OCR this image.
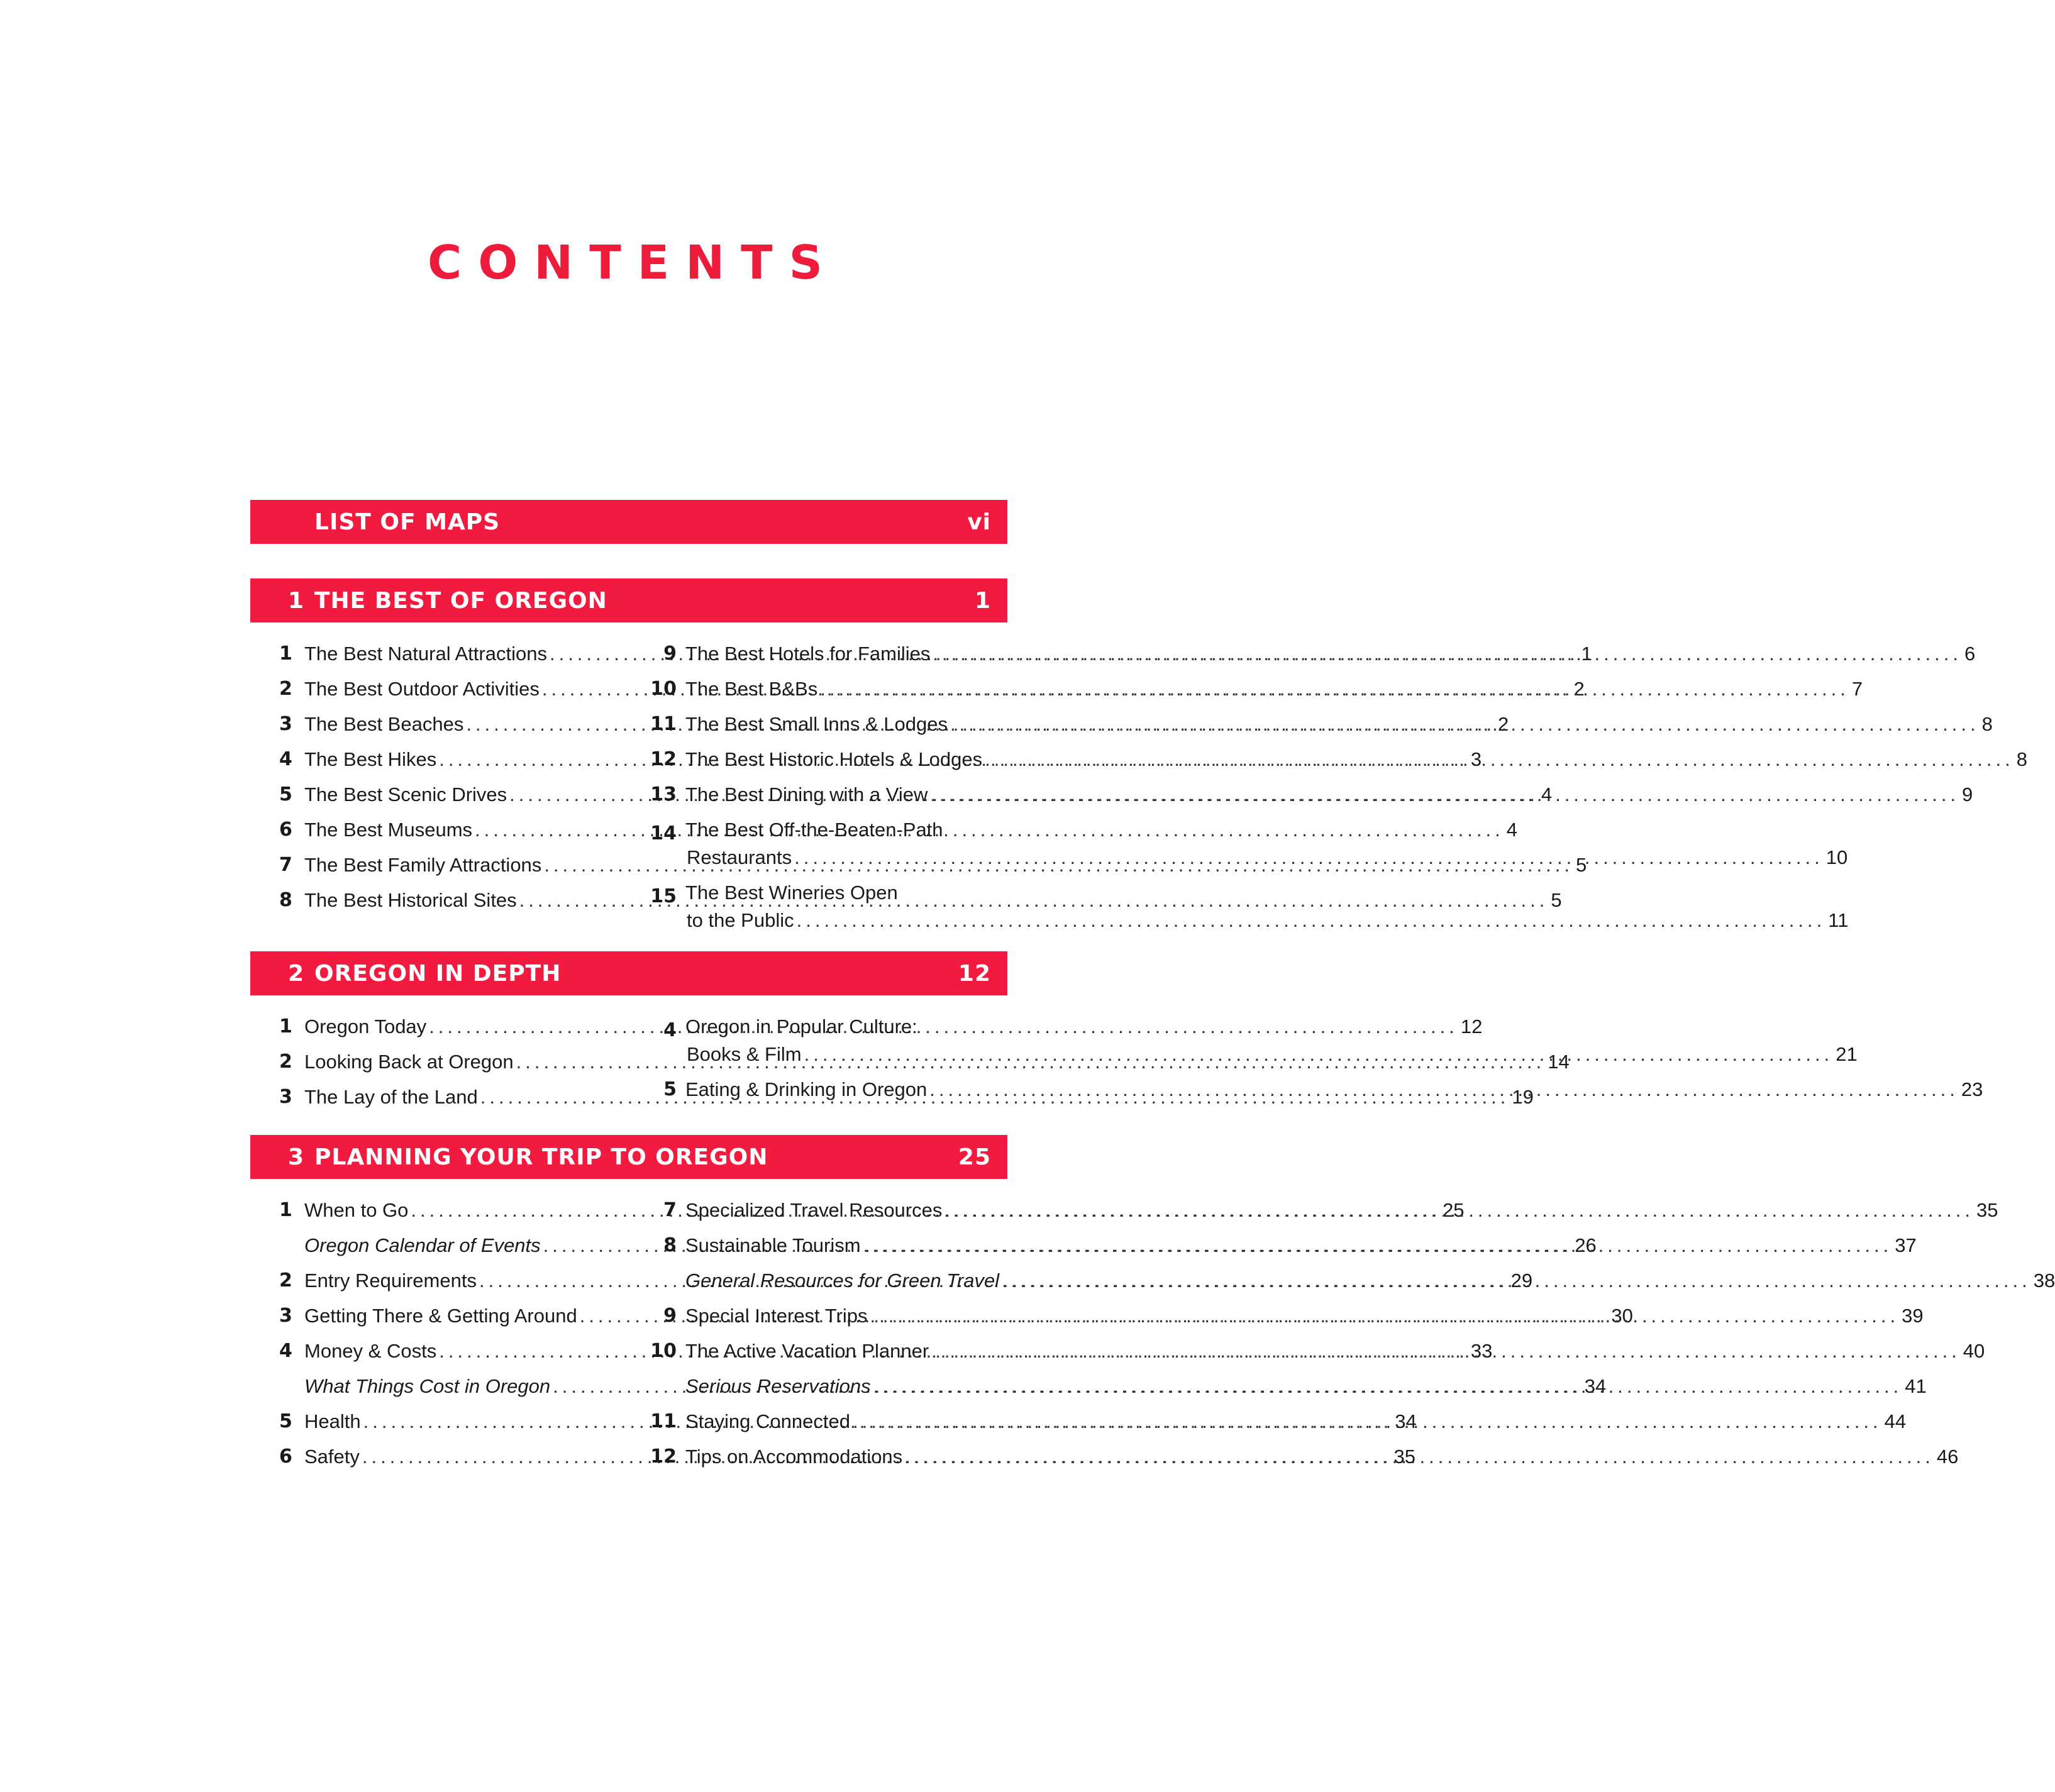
CONTENTS
LIST OF MAPS	vi
1 THE BEST OF OREGON	1
1 The Best Natural Attractions .....	1
2 The Best Outdoor Activities .....	2
3 The Best Beaches .....	2
4 The Best Hikes .....	3
5 The Best Scenic Drives .....	4
6 The Best Museums .....	4
7 The Best Family Attractions .....	5
8 The Best Historical Sites .....	5
9 The Best Hotels for Families .....	6
10 The Best B&Bs .....	7
11 The Best Small Inns & Lodges .....	8
12 The Best Historic Hotels & Lodges .....	8
13 The Best Dining with a View .....	9
14 The Best Off-the-Beaten-Path
Restaurants .....	10
15 The Best Wineries Open
to the Public .....	11
2 OREGON IN DEPTH	12
1 Oregon Today .....	12
2 Looking Back at Oregon .....	14
3 The Lay of the Land .....	19
4 Oregon in Popular Culture:
Books & Film .....	21
5 Eating & Drinking in Oregon .....	23
3 PLANNING YOUR TRIP TO OREGON	25
1 When to Go .....	25
Oregon Calendar of Events .....	26
2 Entry Requirements .....	29
3 Getting There & Getting Around .....	30
4 Money & Costs .....	33
What Things Cost in Oregon .....	34
5 Health .....	34
6 Safety .....	35
7 Specialized Travel Resources .....	35
8 Sustainable Tourism .....	37
General Resources for Green Travel .....	38
9 Special Interest Trips .....	39
10 The Active Vacation Planner .....	40
Serious Reservations .....	41
11 Staying Connected .....	44
12 Tips on Accommodations .....	46
